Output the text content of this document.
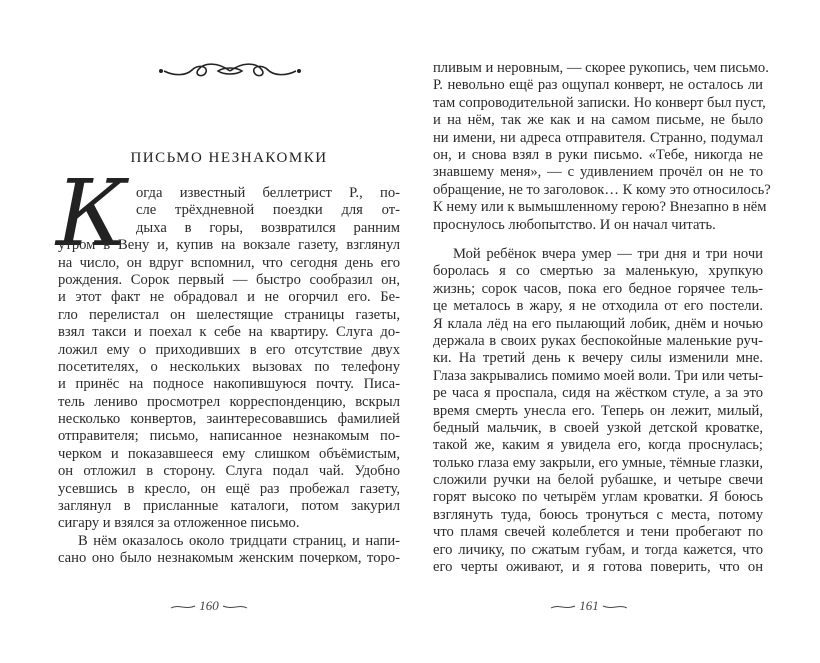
ПИСЬМО НЕЗНАКОМКИ
К огда известный беллетрист Р., по-
сле трёхдневной поездки для от-
дыха в горы, возвратился ранним
утром в Вену и, купив на вокзале газету, взглянул
на число, он вдруг вспомнил, что сегодня день его
рождения. Сорок первый — быстро сообразил он,
и этот факт не обрадовал и не огорчил его. Бе-
гло перелистал он шелестящие страницы газеты,
взял такси и поехал к себе на квартиру. Слуга до-
ложил ему о приходивших в его отсутствие двух
посетителях, о нескольких вызовах по телефону
и принёс на подносе накопившуюся почту. Писа-
тель лениво просмотрел корреспонденцию, вскрыл
несколько конвертов, заинтересовавшись фамилией
отправителя; письмо, написанное незнакомым по-
черком и показавшееся ему слишком объёмистым,
он отложил в сторону. Слуга подал чай. Удобно
усевшись в кресло, он ещё раз пробежал газету,
заглянул в присланные каталоги, потом закурил
сигару и взялся за отложенное письмо.
В нём оказалось около тридцати страниц, и напи-
сано оно было незнакомым женским почерком, торо-
160
пливым и неровным, — скорее рукопись, чем письмо.
Р. невольно ещё раз ощупал конверт, не осталось ли
там сопроводительной записки. Но конверт был пуст,
и на нём, так же как и на самом письме, не было
ни имени, ни адреса отправителя. Странно, подумал
он, и снова взял в руки письмо. «Тебе, никогда не
знавшему меня», — с удивлением прочёл он не то
обращение, не то заголовок… К кому это относилось?
К нему или к вымышленному герою? Внезапно в нём
проснулось любопытство. И он начал читать.
Мой ребёнок вчера умер — три дня и три ночи
боролась я со смертью за маленькую, хрупкую
жизнь; сорок часов, пока его бедное горячее тель-
це металось в жару, я не отходила от его постели.
Я клала лёд на его пылающий лобик, днём и ночью
держала в своих руках беспокойные маленькие руч-
ки. На третий день к вечеру силы изменили мне.
Глаза закрывались помимо моей воли. Три или четы-
ре часа я проспала, сидя на жёстком стуле, а за это
время смерть унесла его. Теперь он лежит, милый,
бедный мальчик, в своей узкой детской кроватке,
такой же, каким я увидела его, когда проснулась;
только глаза ему закрыли, его умные, тёмные глазки,
сложили ручки на белой рубашке, и четыре свечи
горят высоко по четырём углам кроватки. Я боюсь
взглянуть туда, боюсь тронуться с места, потому
что пламя свечей колеблется и тени пробегают по
его личику, по сжатым губам, и тогда кажется, что
его черты оживают, и я готова поверить, что он
161
